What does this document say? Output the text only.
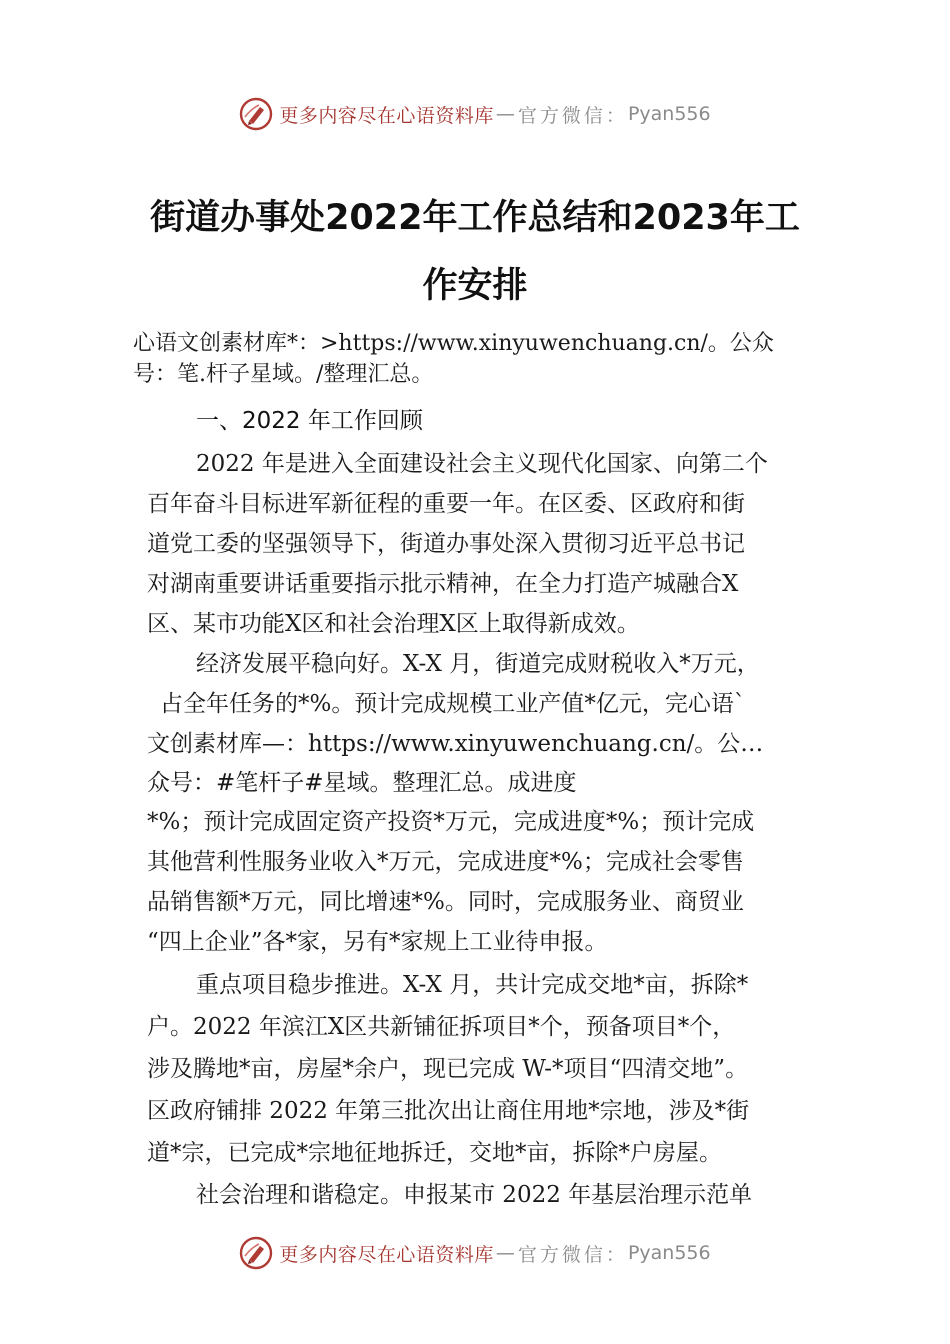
更多内容尽在心语资料库 — 官方微信： Pyan556
街道办事处2022年工作总结和2023年工
作安排
心语文创素材库*：>https://www.xinyuwenchuang.cn/。公众
号：笔.杆子星域。/整理汇总。
一、2022 年工作回顾
2022 年是进入全面建设社会主义现代化国家、向第二个
百年奋斗目标进军新征程的重要一年。在区委、区政府和街
道党工委的坚强领导下，街道办事处深入贯彻习近平总书记
对湖南重要讲话重要指示批示精神，在全力打造产城融合X
区、某市功能X区和社会治理X区上取得新成效。
经济发展平稳向好。X-X 月，街道完成财税收入*万元，
占全年任务的*%。预计完成规模工业产值*亿元，完心语`
文创素材库—：https://www.xinyuwenchuang.cn/。公…
众号：#笔杆子#星域。整理汇总。成进度
*%；预计完成固定资产投资*万元，完成进度*%；预计完成
其他营利性服务业收入*万元，完成进度*%；完成社会零售
品销售额*万元，同比增速*%。同时，完成服务业、商贸业
“四上企业”各*家，另有*家规上工业待申报。
重点项目稳步推进。X-X 月，共计完成交地*亩，拆除*
户。2022 年滨江X区共新铺征拆项目*个，预备项目*个，
涉及腾地*亩，房屋*余户，现已完成 W-*项目“四清交地”。
区政府铺排 2022 年第三批次出让商住用地*宗地，涉及*街
道*宗，已完成*宗地征地拆迁，交地*亩，拆除*户房屋。
社会治理和谐稳定。申报某市 2022 年基层治理示范单
更多内容尽在心语资料库 — 官方微信： Pyan556
